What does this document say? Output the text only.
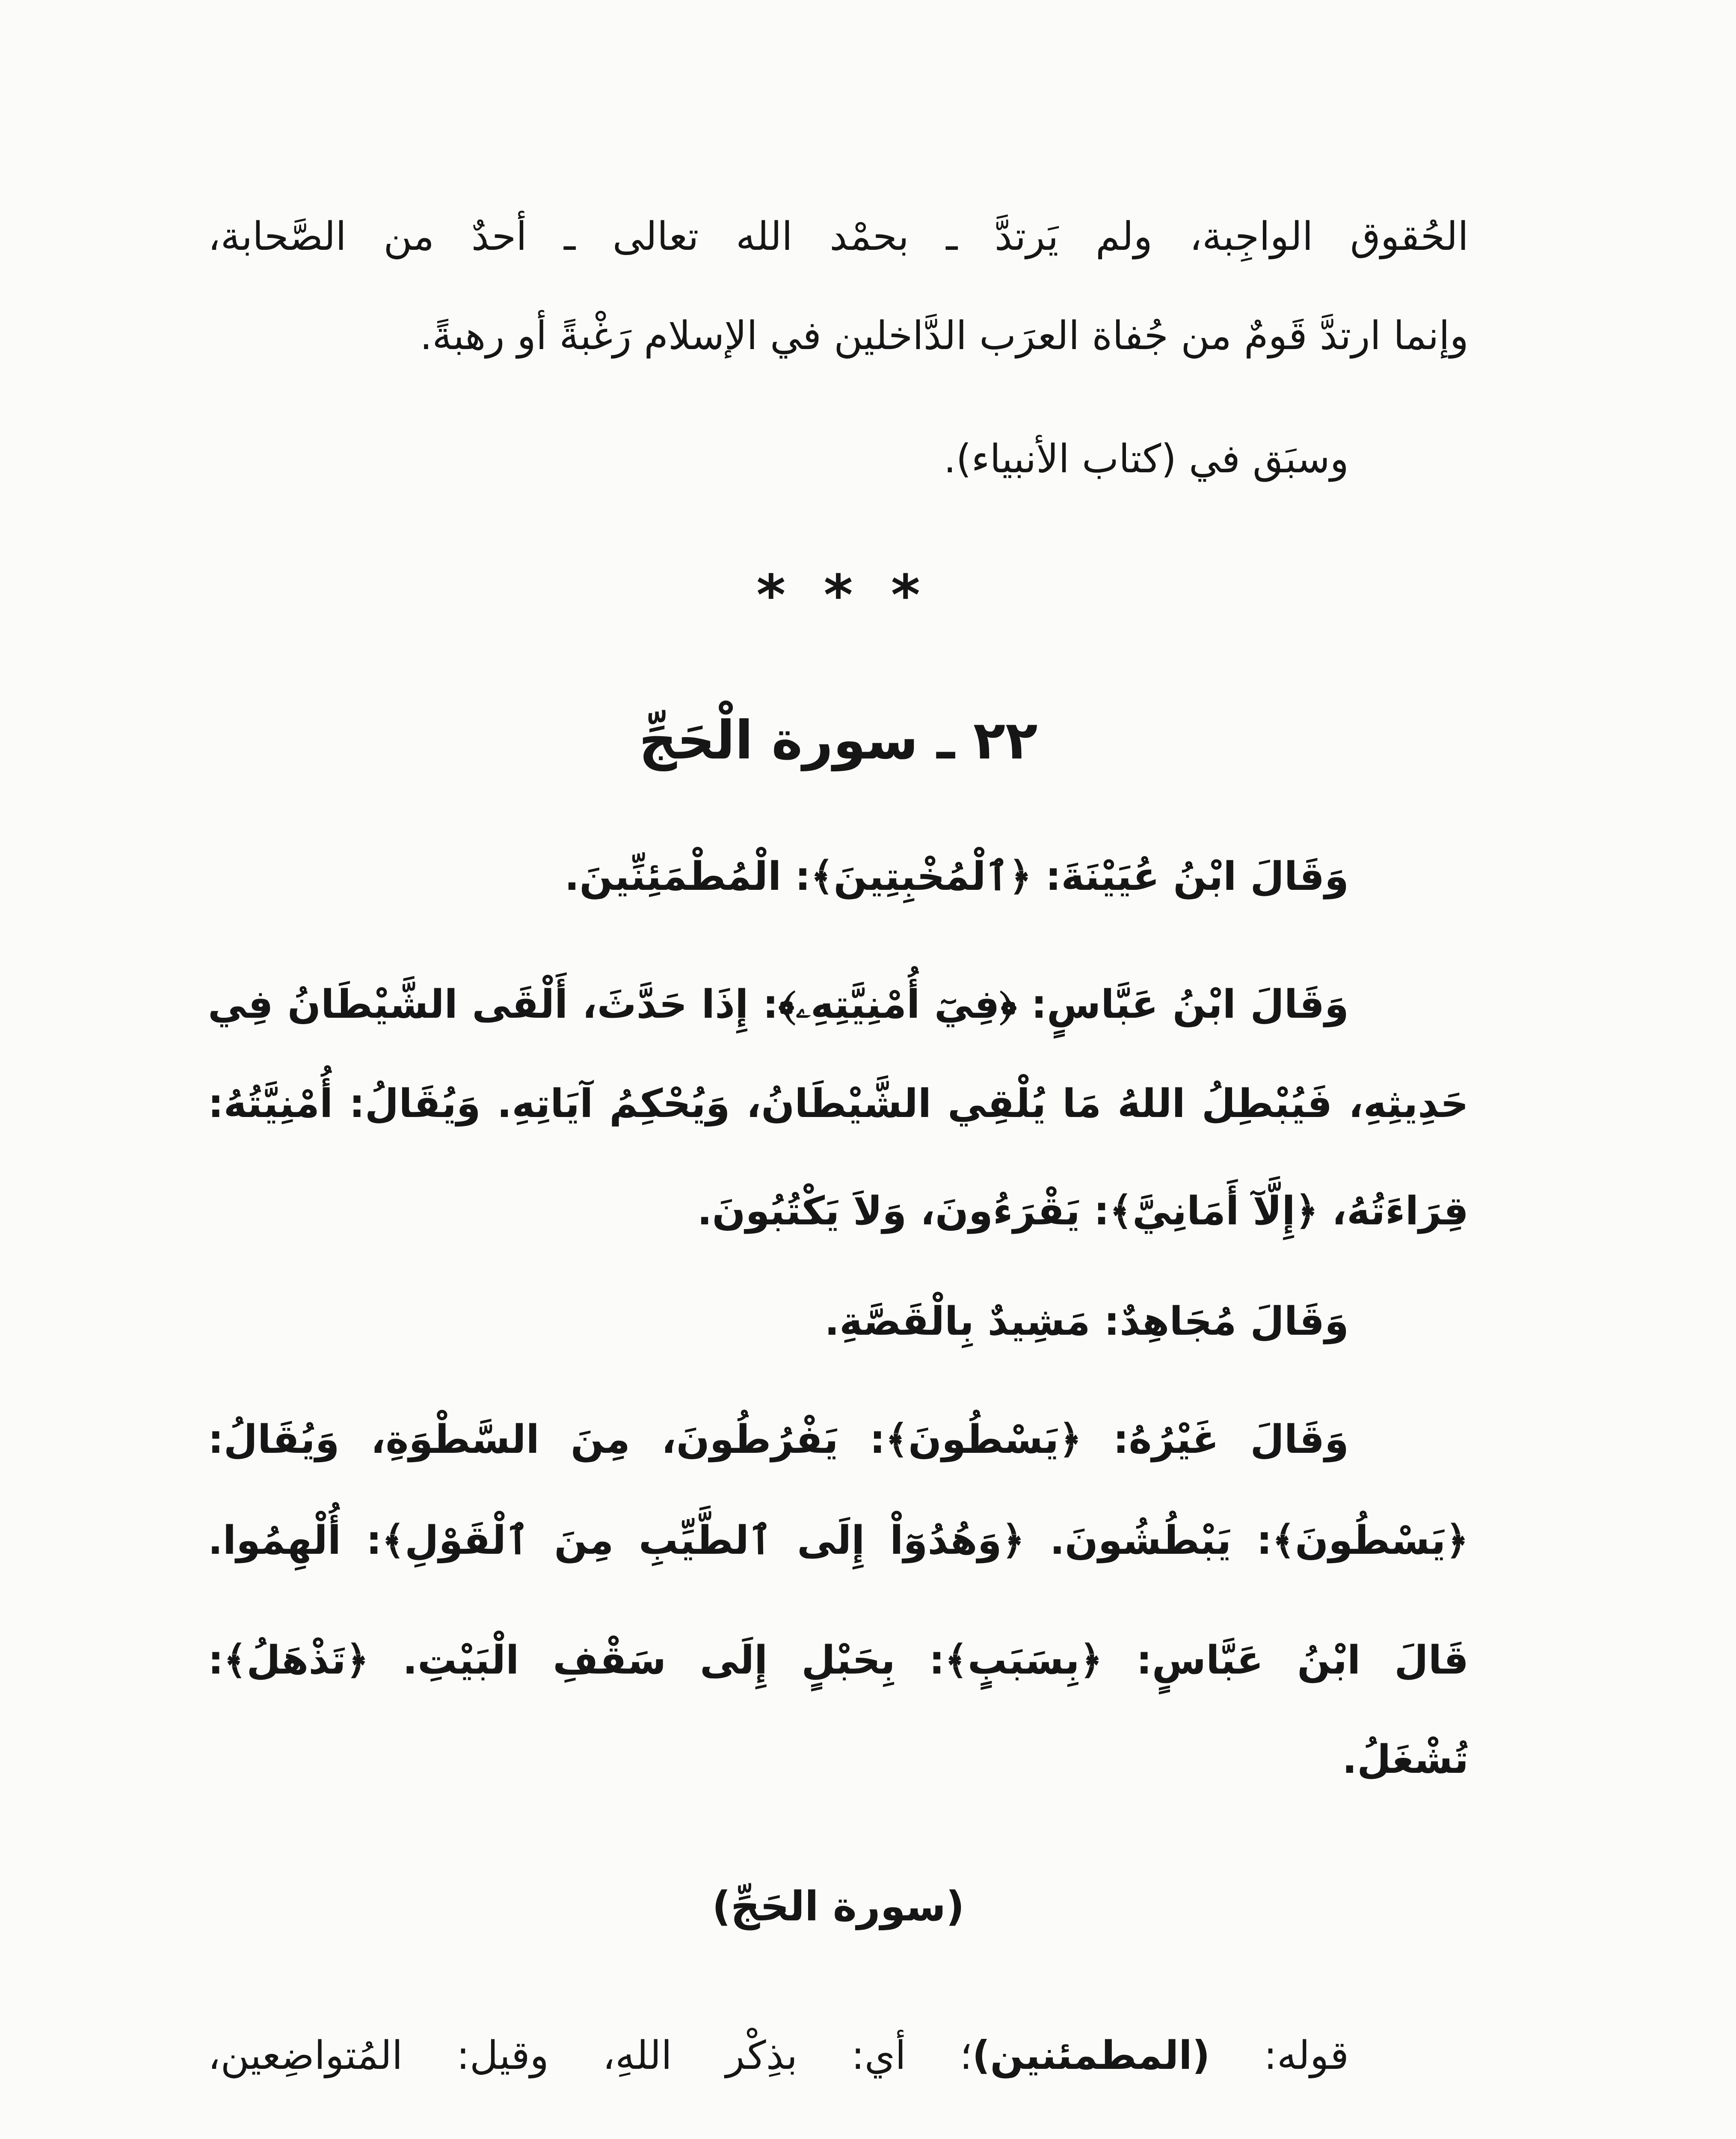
الحُقوق الواجِبة، ولم يَرتدَّ ـ بحمْد الله تعالى ـ أحدٌ من الصَّحابة،
وإنما ارتدَّ قَومٌ من جُفاة العرَب الدَّاخلين في الإسلام رَغْبةً أو رهبةً.
وسبَق في (كتاب الأنبياء).
* * *
٢٢ ـ سورة الْحَجِّ
وَقَالَ ابْنُ عُيَيْنَةَ: ﴿ٱلْمُخْبِتِينَ﴾: الْمُطْمَئِنِّينَ.
وَقَالَ ابْنُ عَبَّاسٍ: ﴿فِيٓ أُمْنِيَّتِهِۦ﴾: إِذَا حَدَّثَ، أَلْقَى الشَّيْطَانُ فِي
حَدِيثِهِ، فَيُبْطِلُ اللهُ مَا يُلْقِي الشَّيْطَانُ، وَيُحْكِمُ آيَاتِهِ. وَيُقَالُ: أُمْنِيَّتُهُ:
قِرَاءَتُهُ، ﴿إِلَّآ أَمَانِيَّ﴾: يَقْرَءُونَ، وَلاَ يَكْتُبُونَ.
وَقَالَ مُجَاهِدٌ: مَشِيدٌ بِالْقَصَّةِ.
وَقَالَ غَيْرُهُ: ﴿يَسْطُونَ﴾: يَفْرُطُونَ، مِنَ السَّطْوَةِ، وَيُقَالُ:
﴿يَسْطُونَ﴾: يَبْطُشُونَ. ﴿وَهُدُوٓاْ إِلَى ٱلطَّيِّبِ مِنَ ٱلْقَوْلِ﴾: أُلْهِمُوا.
قَالَ ابْنُ عَبَّاسٍ: ﴿بِسَبَبٍ﴾: بِحَبْلٍ إِلَى سَقْفِ الْبَيْتِ. ﴿تَذْهَلُ﴾:
تُشْغَلُ.
(سورة الحَجِّ)
قوله: (المطمئنين)؛ أي: بذِكْر اللهِ، وقيل: المُتواضِعين،
